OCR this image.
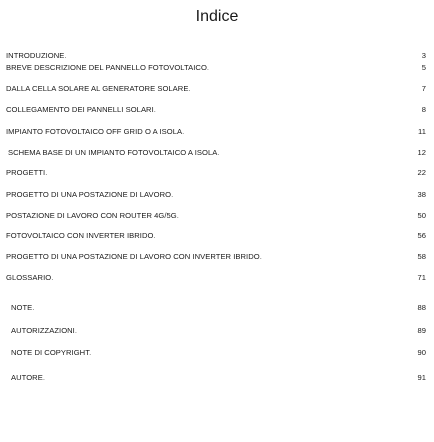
Indice
INTRODUZIONE.	3
BREVE DESCRIZIONE DEL PANNELLO FOTOVOLTAICO.	5
DALLA CELLA SOLARE AL GENERATORE SOLARE.	7
COLLEGAMENTO DEI PANNELLI SOLARI.	8
IMPIANTO FOTOVOLTAICO OFF GRID O A ISOLA.	11
SCHEMA BASE DI UN IMPIANTO FOTOVOLTAICO A ISOLA.	12
PROGETTI.	22
PROGETTO DI UNA POSTAZIONE DI LAVORO.	38
POSTAZIONE DI LAVORO CON ROUTER 4G/5G.	50
FOTOVOLTAICO CON INVERTER IBRIDO.	56
PROGETTO DI UNA POSTAZIONE DI LAVORO CON INVERTER IBRIDO.	58
GLOSSARIO.	71
NOTE.	88
AUTORIZZAZIONI.	89
NOTE DI COPYRIGHT.	90
AUTORE.	91
